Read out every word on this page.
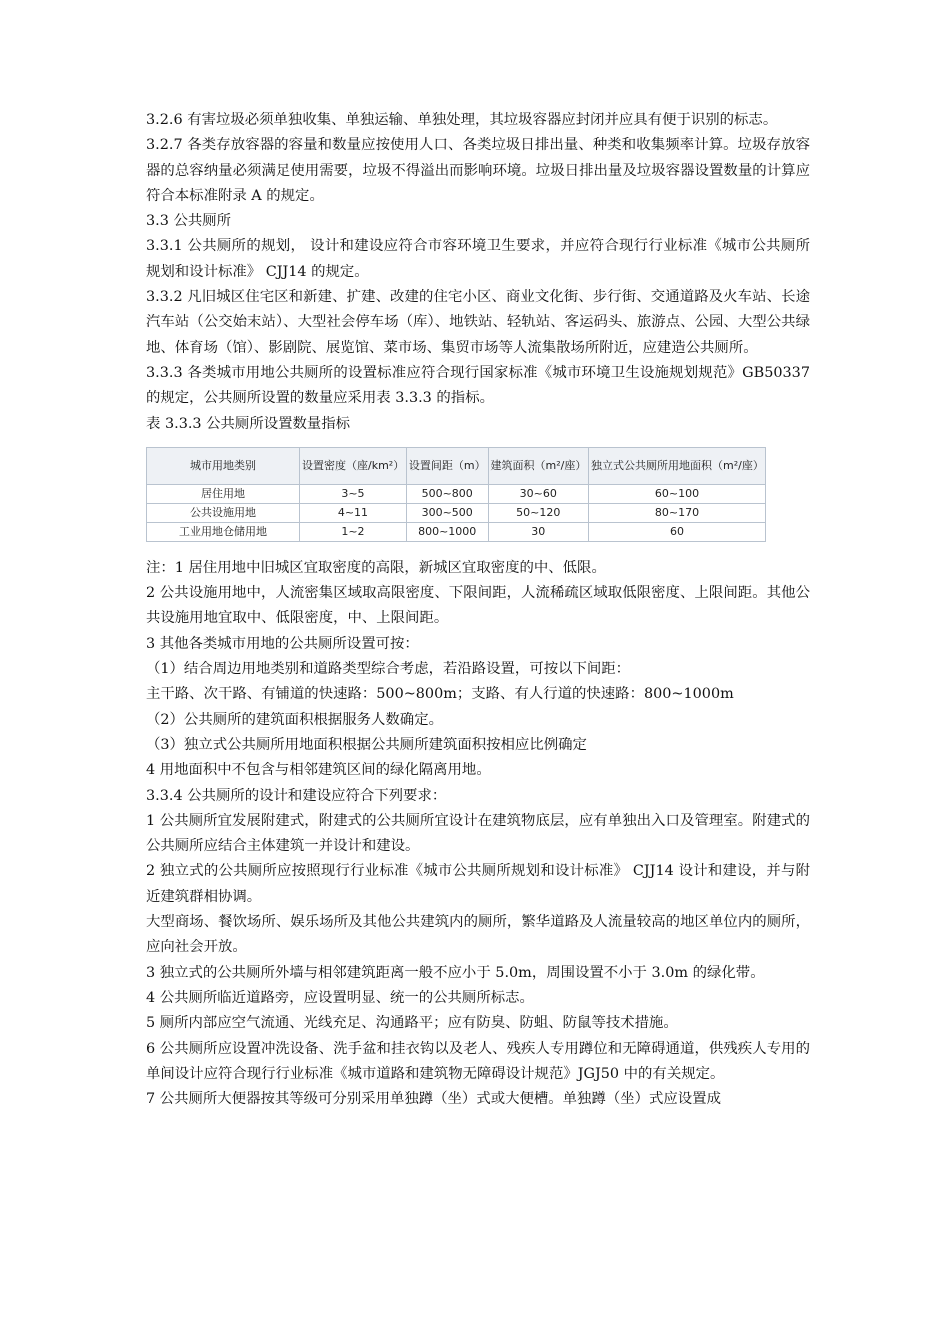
3.2.6 有害垃圾必须单独收集、单独运输、单独处理，其垃圾容器应封闭并应具有便于识别的标志。

3.2.7 各类存放容器的容量和数量应按使用人口、各类垃圾日排出量、种类和收集频率计算。垃圾存放容器的总容纳量必须满足使用需要，垃圾不得溢出而影响环境。垃圾日排出量及垃圾容器设置数量的计算应符合本标准附录 A 的规定。

3.3 公共厕所

3.3.1 公共厕所的规划， 设计和建设应符合市容环境卫生要求，并应符合现行行业标准《城市公共厕所规划和设计标准》 CJJ14 的规定。

3.3.2 凡旧城区住宅区和新建、扩建、改建的住宅小区、商业文化街、步行街、交通道路及火车站、长途汽车站（公交始末站）、大型社会停车场（库）、地铁站、轻轨站、客运码头、旅游点、公园、大型公共绿地、体育场（馆）、影剧院、展览馆、菜市场、集贸市场等人流集散场所附近，应建造公共厕所。

3.3.3 各类城市用地公共厕所的设置标准应符合现行国家标准《城市环境卫生设施规划规范》GB50337 的规定，公共厕所设置的数量应采用表 3.3.3 的指标。

表 3.3.3 公共厕所设置数量指标

城市用地类别	设置密度（座/km²）	设置间距（m）	建筑面积（m²/座）	独立式公共厕所用地面积（m²/座）
居住用地	3~5	500~800	30~60	60~100
公共设施用地	4~11	300~500	50~120	80~170
工业用地仓储用地	1~2	800~1000	30	60

注：1 居住用地中旧城区宜取密度的高限，新城区宜取密度的中、低限。

2 公共设施用地中，人流密集区域取高限密度、下限间距，人流稀疏区域取低限密度、上限间距。其他公共设施用地宜取中、低限密度，中、上限间距。

3 其他各类城市用地的公共厕所设置可按：

（1）结合周边用地类别和道路类型综合考虑，若沿路设置，可按以下间距：

主干路、次干路、有铺道的快速路：500~800m；支路、有人行道的快速路：800~1000m

（2）公共厕所的建筑面积根据服务人数确定。

（3）独立式公共厕所用地面积根据公共厕所建筑面积按相应比例确定

4 用地面积中不包含与相邻建筑区间的绿化隔离用地。

3.3.4 公共厕所的设计和建设应符合下列要求：

1 公共厕所宜发展附建式，附建式的公共厕所宜设计在建筑物底层，应有单独出入口及管理室。附建式的公共厕所应结合主体建筑一并设计和建设。

2 独立式的公共厕所应按照现行行业标准《城市公共厕所规划和设计标准》 CJJ14 设计和建设，并与附近建筑群相协调。

大型商场、餐饮场所、娱乐场所及其他公共建筑内的厕所，繁华道路及人流量较高的地区单位内的厕所，应向社会开放。

3 独立式的公共厕所外墙与相邻建筑距离一般不应小于 5.0m，周围设置不小于 3.0m 的绿化带。

4 公共厕所临近道路旁，应设置明显、统一的公共厕所标志。

5 厕所内部应空气流通、光线充足、沟通路平；应有防臭、防蛆、防鼠等技术措施。

6 公共厕所应设置冲洗设备、洗手盆和挂衣钩以及老人、残疾人专用蹲位和无障碍通道，供残疾人专用的单间设计应符合现行行业标准《城市道路和建筑物无障碍设计规范》JGJ50 中的有关规定。

7 公共厕所大便器按其等级可分别采用单独蹲（坐）式或大便槽。单独蹲（坐）式应设置成
